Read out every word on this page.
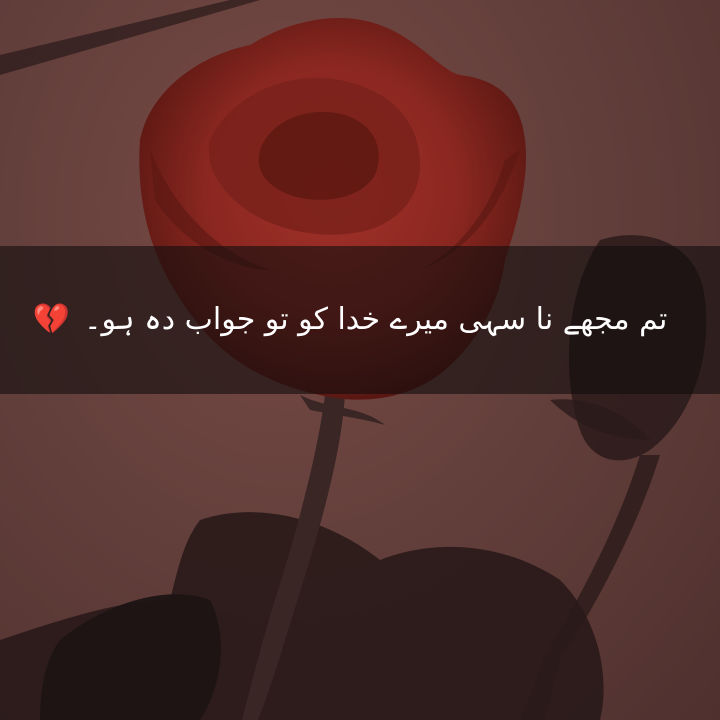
تم مجھے نا سہی میرے خدا کو تو جواب دہ ہو۔
💔
